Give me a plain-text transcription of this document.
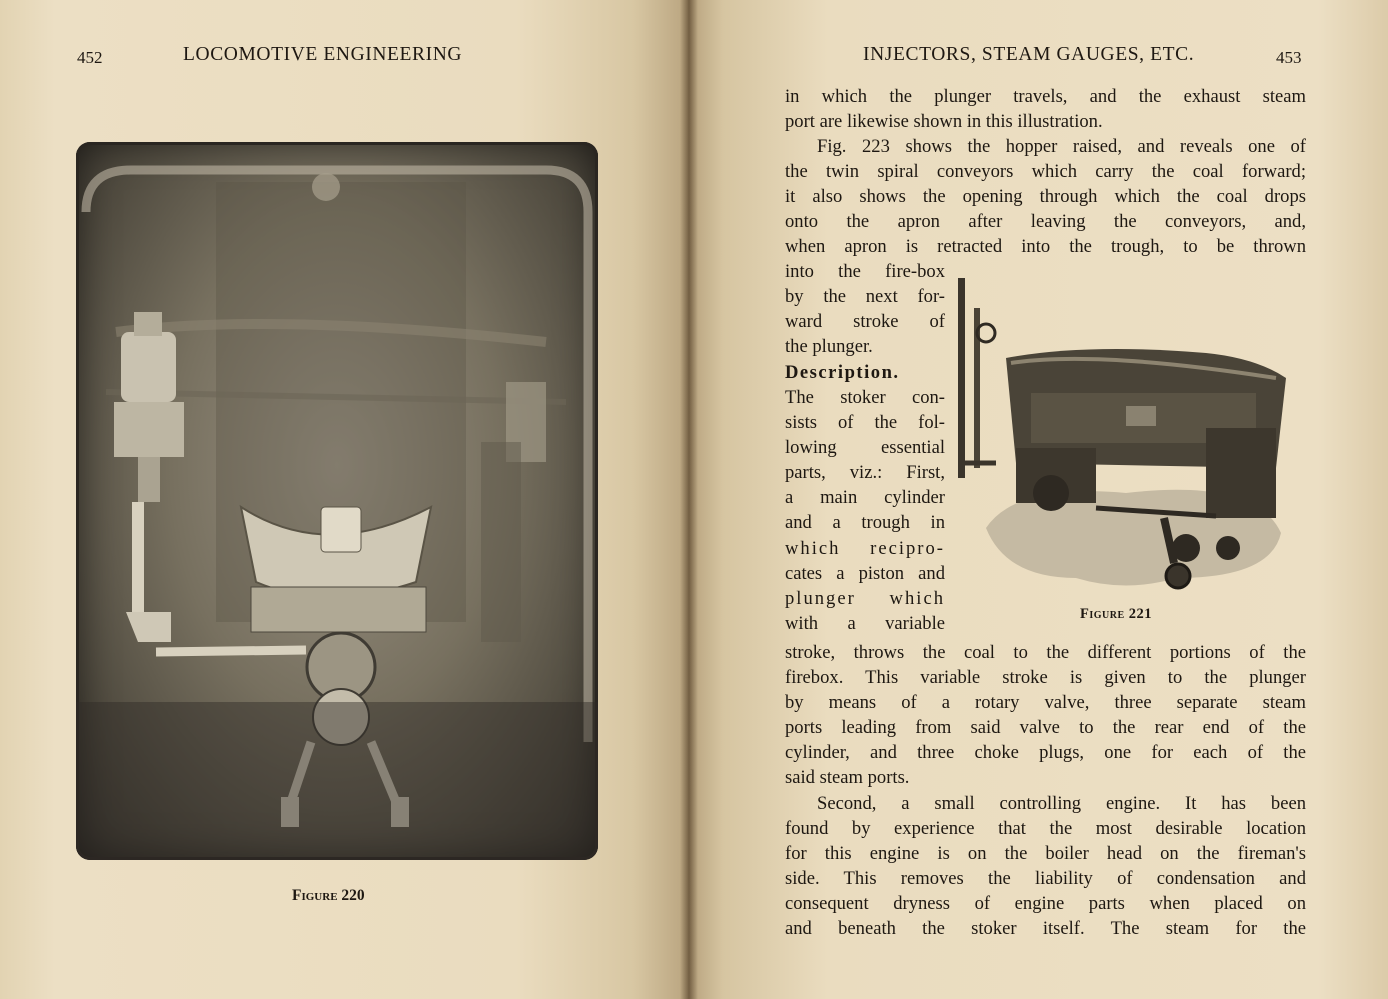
452	LOCOMOTIVE ENGINEERING
Figure 220
INJECTORS, STEAM GAUGES, ETC.	453
in which the plunger travels, and the exhaust steam
port are likewise shown in this illustration.
Fig. 223 shows the hopper raised, and reveals one of
the twin spiral conveyors which carry the coal forward;
it also shows the opening through which the coal drops
onto the apron after leaving the conveyors, and,
when apron is retracted into the trough, to be thrown
into the fire-box
by the next for-
ward stroke of
the plunger.
Description.
The stoker con-
sists of the fol-
lowing essential
parts, viz.: First,
a main cylinder
and a trough in
which recipro-
cates a piston and
plunger which
with a variable	Figure 221
stroke, throws the coal to the different portions of the
firebox. This variable stroke is given to the plunger
by means of a rotary valve, three separate steam
ports leading from said valve to the rear end of the
cylinder, and three choke plugs, one for each of the
said steam ports.
Second, a small controlling engine. It has been
found by experience that the most desirable location
for this engine is on the boiler head on the fireman's
side. This removes the liability of condensation and
consequent dryness of engine parts when placed on
and beneath the stoker itself. The steam for the
